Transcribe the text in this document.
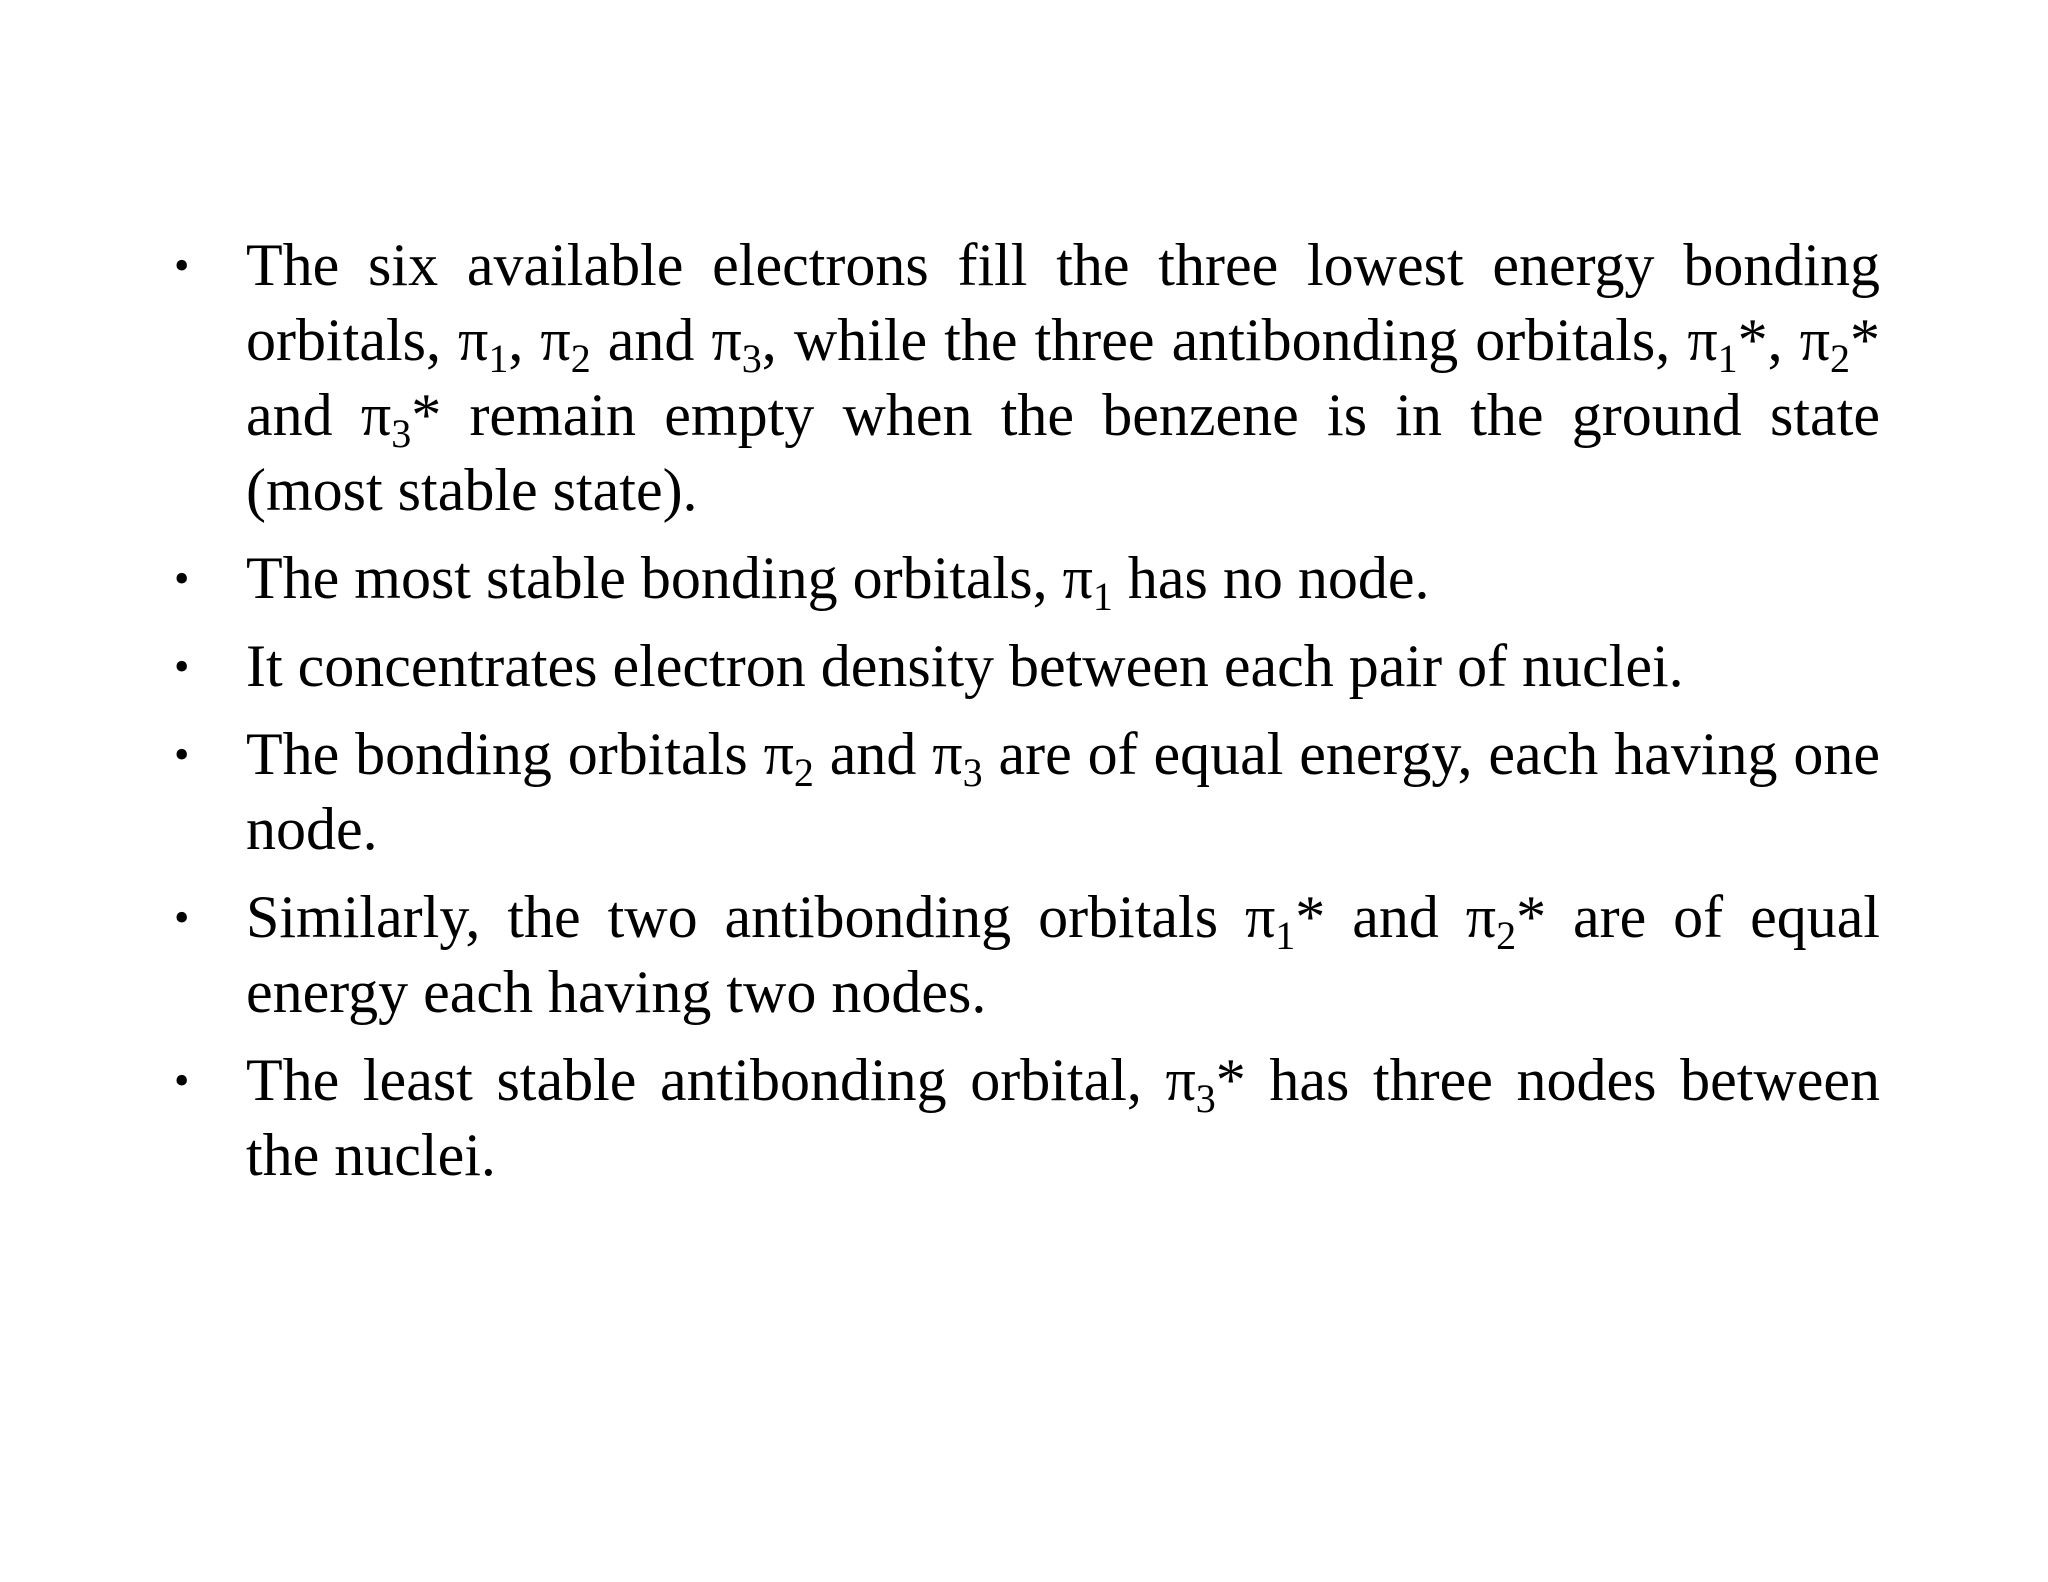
• The six available electrons fill the three lowest energy bonding orbitals, $\pi_1$, $\pi_2$ and $\pi_3$, while the three antibonding orbitals, $\pi_1*$, $\pi_2*$ and $\pi_3*$ remain empty when the benzene is in the ground state (most stable state).
• The most stable bonding orbitals, $\pi_1$ has no node.
• It concentrates electron density between each pair of nuclei.
• The bonding orbitals $\pi_2$ and $\pi_3$ are of equal energy, each having one node.
• Similarly, the two antibonding orbitals $\pi_1*$ and $\pi_2*$ are of equal energy each having two nodes.
• The least stable antibonding orbital, $\pi_3*$ has three nodes between the nuclei.
